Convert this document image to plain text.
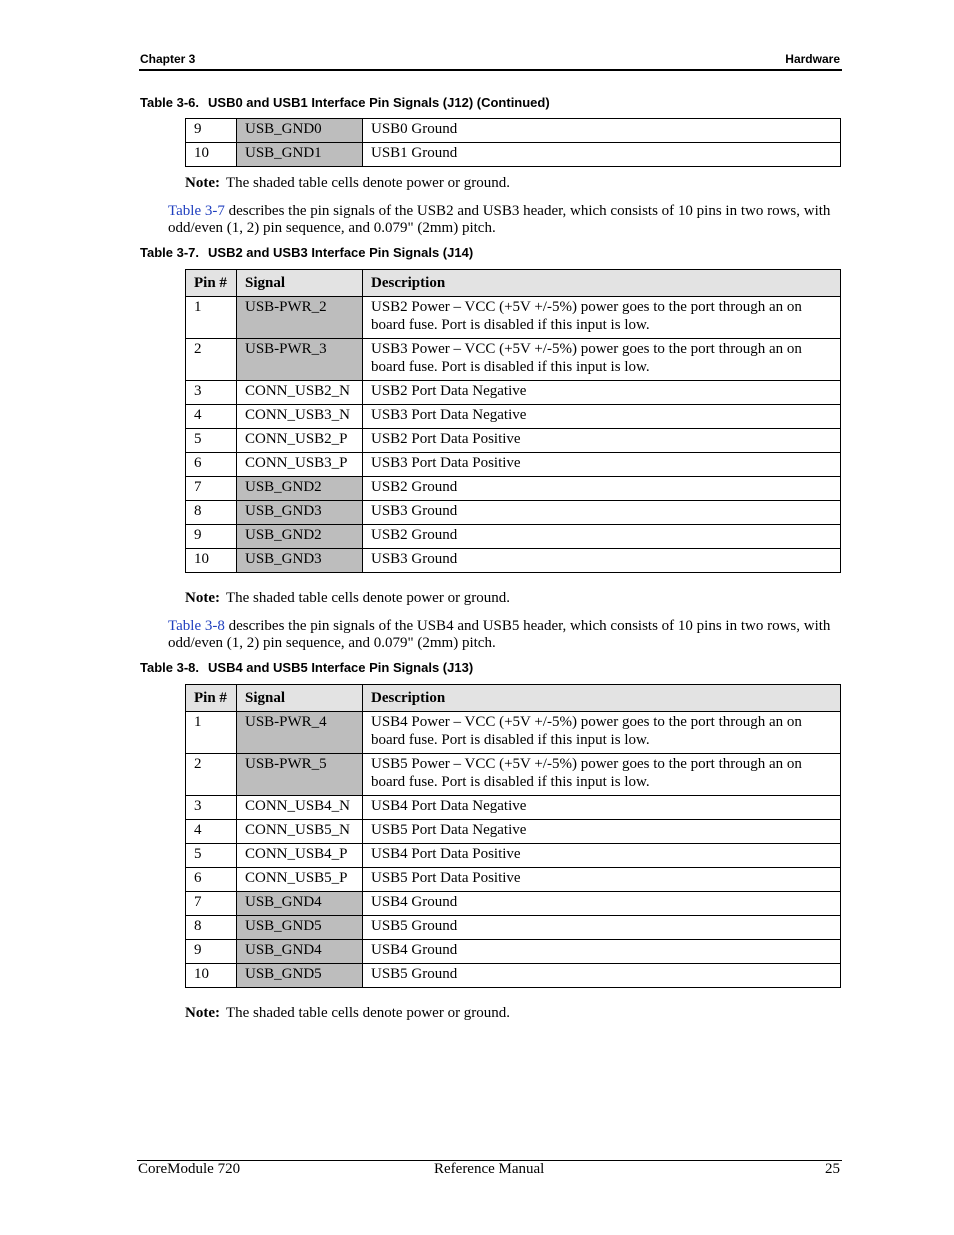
Chapter 3	Hardware
Table 3-6. USB0 and USB1 Interface Pin Signals (J12) (Continued)
9	USB_GND0	USB0 Ground
10	USB_GND1	USB1 Ground
Note: The shaded table cells denote power or ground.
Table 3-7 describes the pin signals of the USB2 and USB3 header, which consists of 10 pins in two rows, with odd/even (1, 2) pin sequence, and 0.079" (2mm) pitch.
Table 3-7. USB2 and USB3 Interface Pin Signals (J14)
Pin #	Signal	Description
1	USB-PWR_2	USB2 Power – VCC (+5V +/-5%) power goes to the port through an on board fuse. Port is disabled if this input is low.
2	USB-PWR_3	USB3 Power – VCC (+5V +/-5%) power goes to the port through an on board fuse. Port is disabled if this input is low.
3	CONN_USB2_N	USB2 Port Data Negative
4	CONN_USB3_N	USB3 Port Data Negative
5	CONN_USB2_P	USB2 Port Data Positive
6	CONN_USB3_P	USB3 Port Data Positive
7	USB_GND2	USB2 Ground
8	USB_GND3	USB3 Ground
9	USB_GND2	USB2 Ground
10	USB_GND3	USB3 Ground
Note: The shaded table cells denote power or ground.
Table 3-8 describes the pin signals of the USB4 and USB5 header, which consists of 10 pins in two rows, with odd/even (1, 2) pin sequence, and 0.079" (2mm) pitch.
Table 3-8. USB4 and USB5 Interface Pin Signals (J13)
Pin #	Signal	Description
1	USB-PWR_4	USB4 Power – VCC (+5V +/-5%) power goes to the port through an on board fuse. Port is disabled if this input is low.
2	USB-PWR_5	USB5 Power – VCC (+5V +/-5%) power goes to the port through an on board fuse. Port is disabled if this input is low.
3	CONN_USB4_N	USB4 Port Data Negative
4	CONN_USB5_N	USB5 Port Data Negative
5	CONN_USB4_P	USB4 Port Data Positive
6	CONN_USB5_P	USB5 Port Data Positive
7	USB_GND4	USB4 Ground
8	USB_GND5	USB5 Ground
9	USB_GND4	USB4 Ground
10	USB_GND5	USB5 Ground
Note: The shaded table cells denote power or ground.
CoreModule 720	Reference Manual	25
